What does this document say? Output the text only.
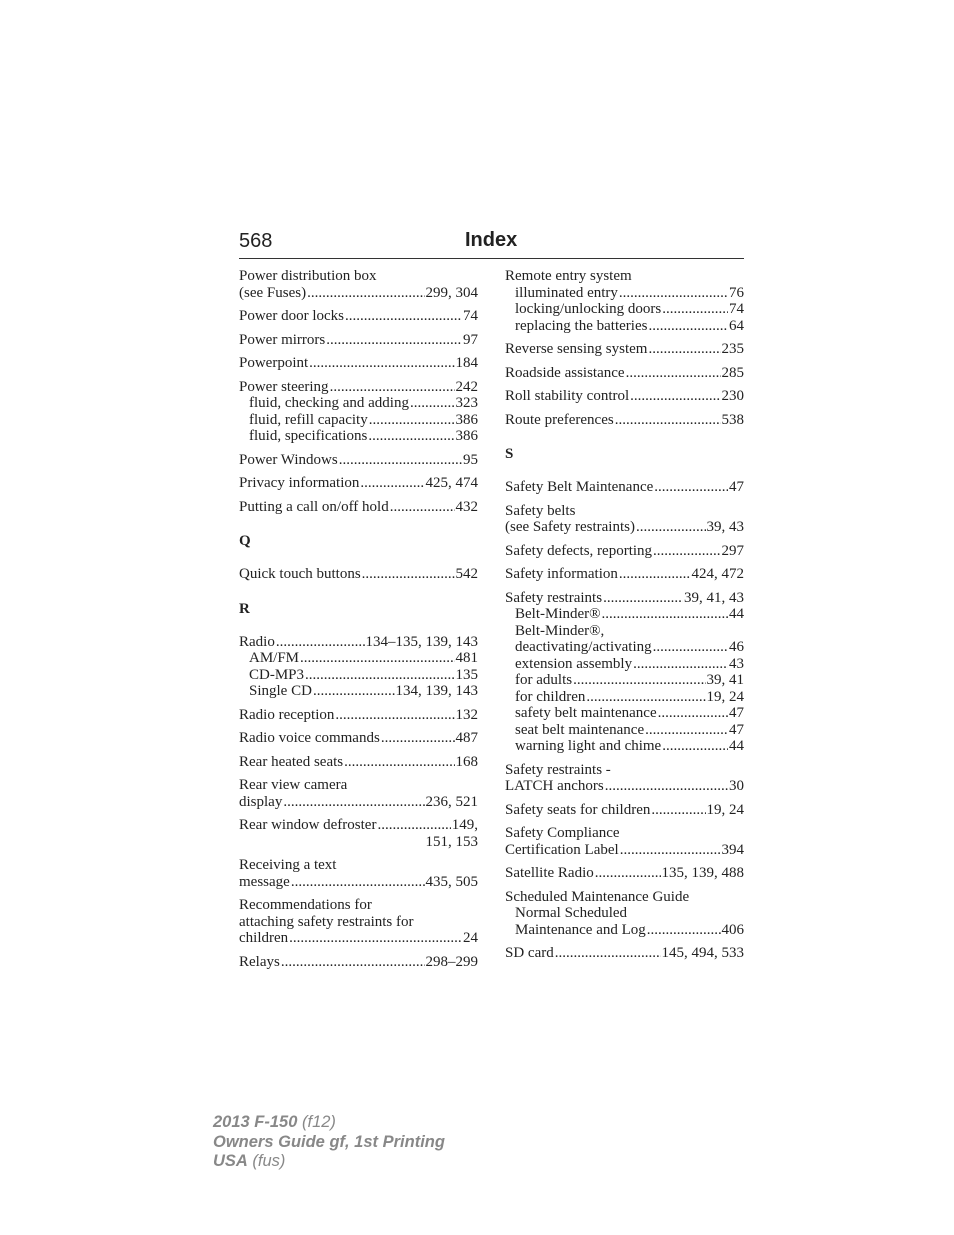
568	Index
Power distribution box
(see Fuses) .....	299, 304
Power door locks .....	74
Power mirrors .....	97
Powerpoint .....	184
Power steering .....	242
fluid, checking and adding .....	323
fluid, refill capacity .....	386
fluid, specifications .....	386
Power Windows .....	95
Privacy information .....	425, 474
Putting a call on/off hold .....	432
Q
Quick touch buttons .....	542
R
Radio .....	134–135, 139, 143
AM/FM .....	481
CD-MP3 .....	135
Single CD .....	134, 139, 143
Radio reception .....	132
Radio voice commands .....	487
Rear heated seats .....	168
Rear view camera
display .....	236, 521
Rear window defroster .....	149,
151, 153
Receiving a text
message .....	435, 505
Recommendations for
attaching safety restraints for
children .....	24
Relays .....	298–299
Remote entry system
illuminated entry .....	76
locking/unlocking doors .....	74
replacing the batteries .....	64
Reverse sensing system .....	235
Roadside assistance .....	285
Roll stability control .....	230
Route preferences .....	538
S
Safety Belt Maintenance .....	47
Safety belts
(see Safety restraints) .....	39, 43
Safety defects, reporting .....	297
Safety information .....	424, 472
Safety restraints .....	39, 41, 43
Belt-Minder® .....	44
Belt-Minder®,
deactivating/activating .....	46
extension assembly .....	43
for adults .....	39, 41
for children .....	19, 24
safety belt maintenance .....	47
seat belt maintenance .....	47
warning light and chime .....	44
Safety restraints -
LATCH anchors .....	30
Safety seats for children .....	19, 24
Safety Compliance
Certification Label .....	394
Satellite Radio .....	135, 139, 488
Scheduled Maintenance Guide
Normal Scheduled
Maintenance and Log .....	406
SD card .....	145, 494, 533
2013 F-150 (f12)
Owners Guide gf, 1st Printing
USA (fus)
